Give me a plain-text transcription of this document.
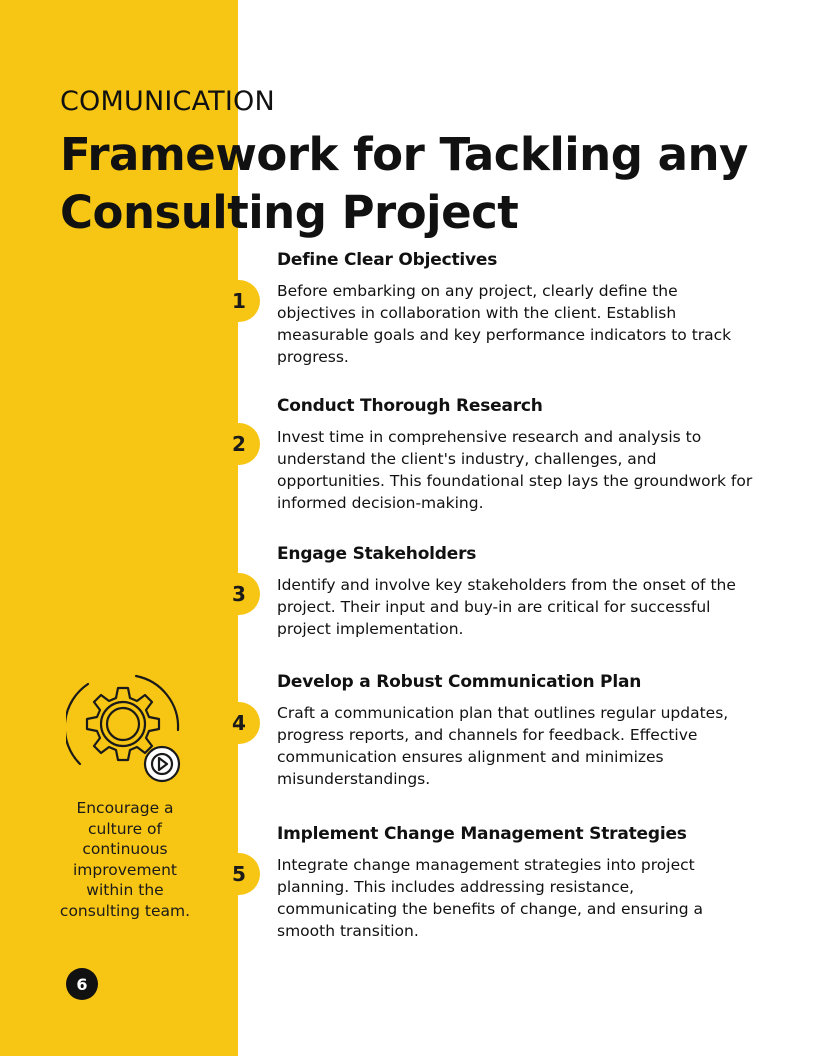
COMUNICATION

Framework for Tackling any Consulting Project
1
Define Clear Objectives

Before embarking on any project, clearly define the objectives in collaboration with the client. Establish measurable goals and key performance indicators to track progress.

2
Conduct Thorough Research

Invest time in comprehensive research and analysis to understand the client's industry, challenges, and opportunities. This foundational step lays the groundwork for informed decision-making.

3
Engage Stakeholders

Identify and involve key stakeholders from the onset of the project. Their input and buy-in are critical for successful project implementation.

4
Develop a Robust Communication Plan

Craft a communication plan that outlines regular updates, progress reports, and channels for feedback. Effective communication ensures alignment and minimizes misunderstandings.

5
Implement Change Management Strategies

Integrate change management strategies into project planning. This includes addressing resistance, communicating the benefits of change, and ensuring a smooth transition.

Encourage a culture of continuous improvement within the consulting team.

6
